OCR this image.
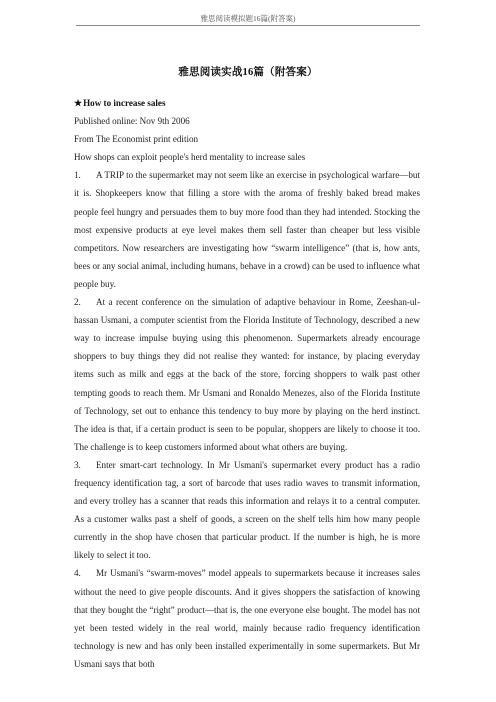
雅思阅读模拟题16篇(附答案)
雅思阅读实战16篇（附答案）

★How to increase sales

Published online: Nov 9th 2006

From The Economist print edition

How shops can exploit people's herd mentality to increase sales

1. A TRIP to the supermarket may not seem like an exercise in psychological warfare—but it is. Shopkeepers know that filling a store with the aroma of freshly baked bread makes people feel hungry and persuades them to buy more food than they had intended. Stocking the most expensive products at eye level makes them sell faster than cheaper but less visible competitors. Now researchers are investigating how “swarm intelligence” (that is, how ants, bees or any social animal, including humans, behave in a crowd) can be used to influence what people buy.

2. At a recent conference on the simulation of adaptive behaviour in Rome, Zeeshan-ul-hassan Usmani, a computer scientist from the Florida Institute of Technology, described a new way to increase impulse buying using this phenomenon. Supermarkets already encourage shoppers to buy things they did not realise they wanted: for instance, by placing everyday items such as milk and eggs at the back of the store, forcing shoppers to walk past other tempting goods to reach them. Mr Usmani and Ronaldo Menezes, also of the Florida Institute of Technology, set out to enhance this tendency to buy more by playing on the herd instinct. The idea is that, if a certain product is seen to be popular, shoppers are likely to choose it too. The challenge is to keep customers informed about what others are buying.

3. Enter smart-cart technology. In Mr Usmani's supermarket every product has a radio frequency identification tag, a sort of barcode that uses radio waves to transmit information, and every trolley has a scanner that reads this information and relays it to a central computer. As a customer walks past a shelf of goods, a screen on the shelf tells him how many people currently in the shop have chosen that particular product. If the number is high, he is more likely to select it too.

4. Mr Usmani's “swarm-moves” model appeals to supermarkets because it increases sales without the need to give people discounts. And it gives shoppers the satisfaction of knowing that they bought the “right” product—that is, the one everyone else bought. The model has not yet been tested widely in the real world, mainly because radio frequency identification technology is new and has only been installed experimentally in some supermarkets. But Mr Usmani says that both
